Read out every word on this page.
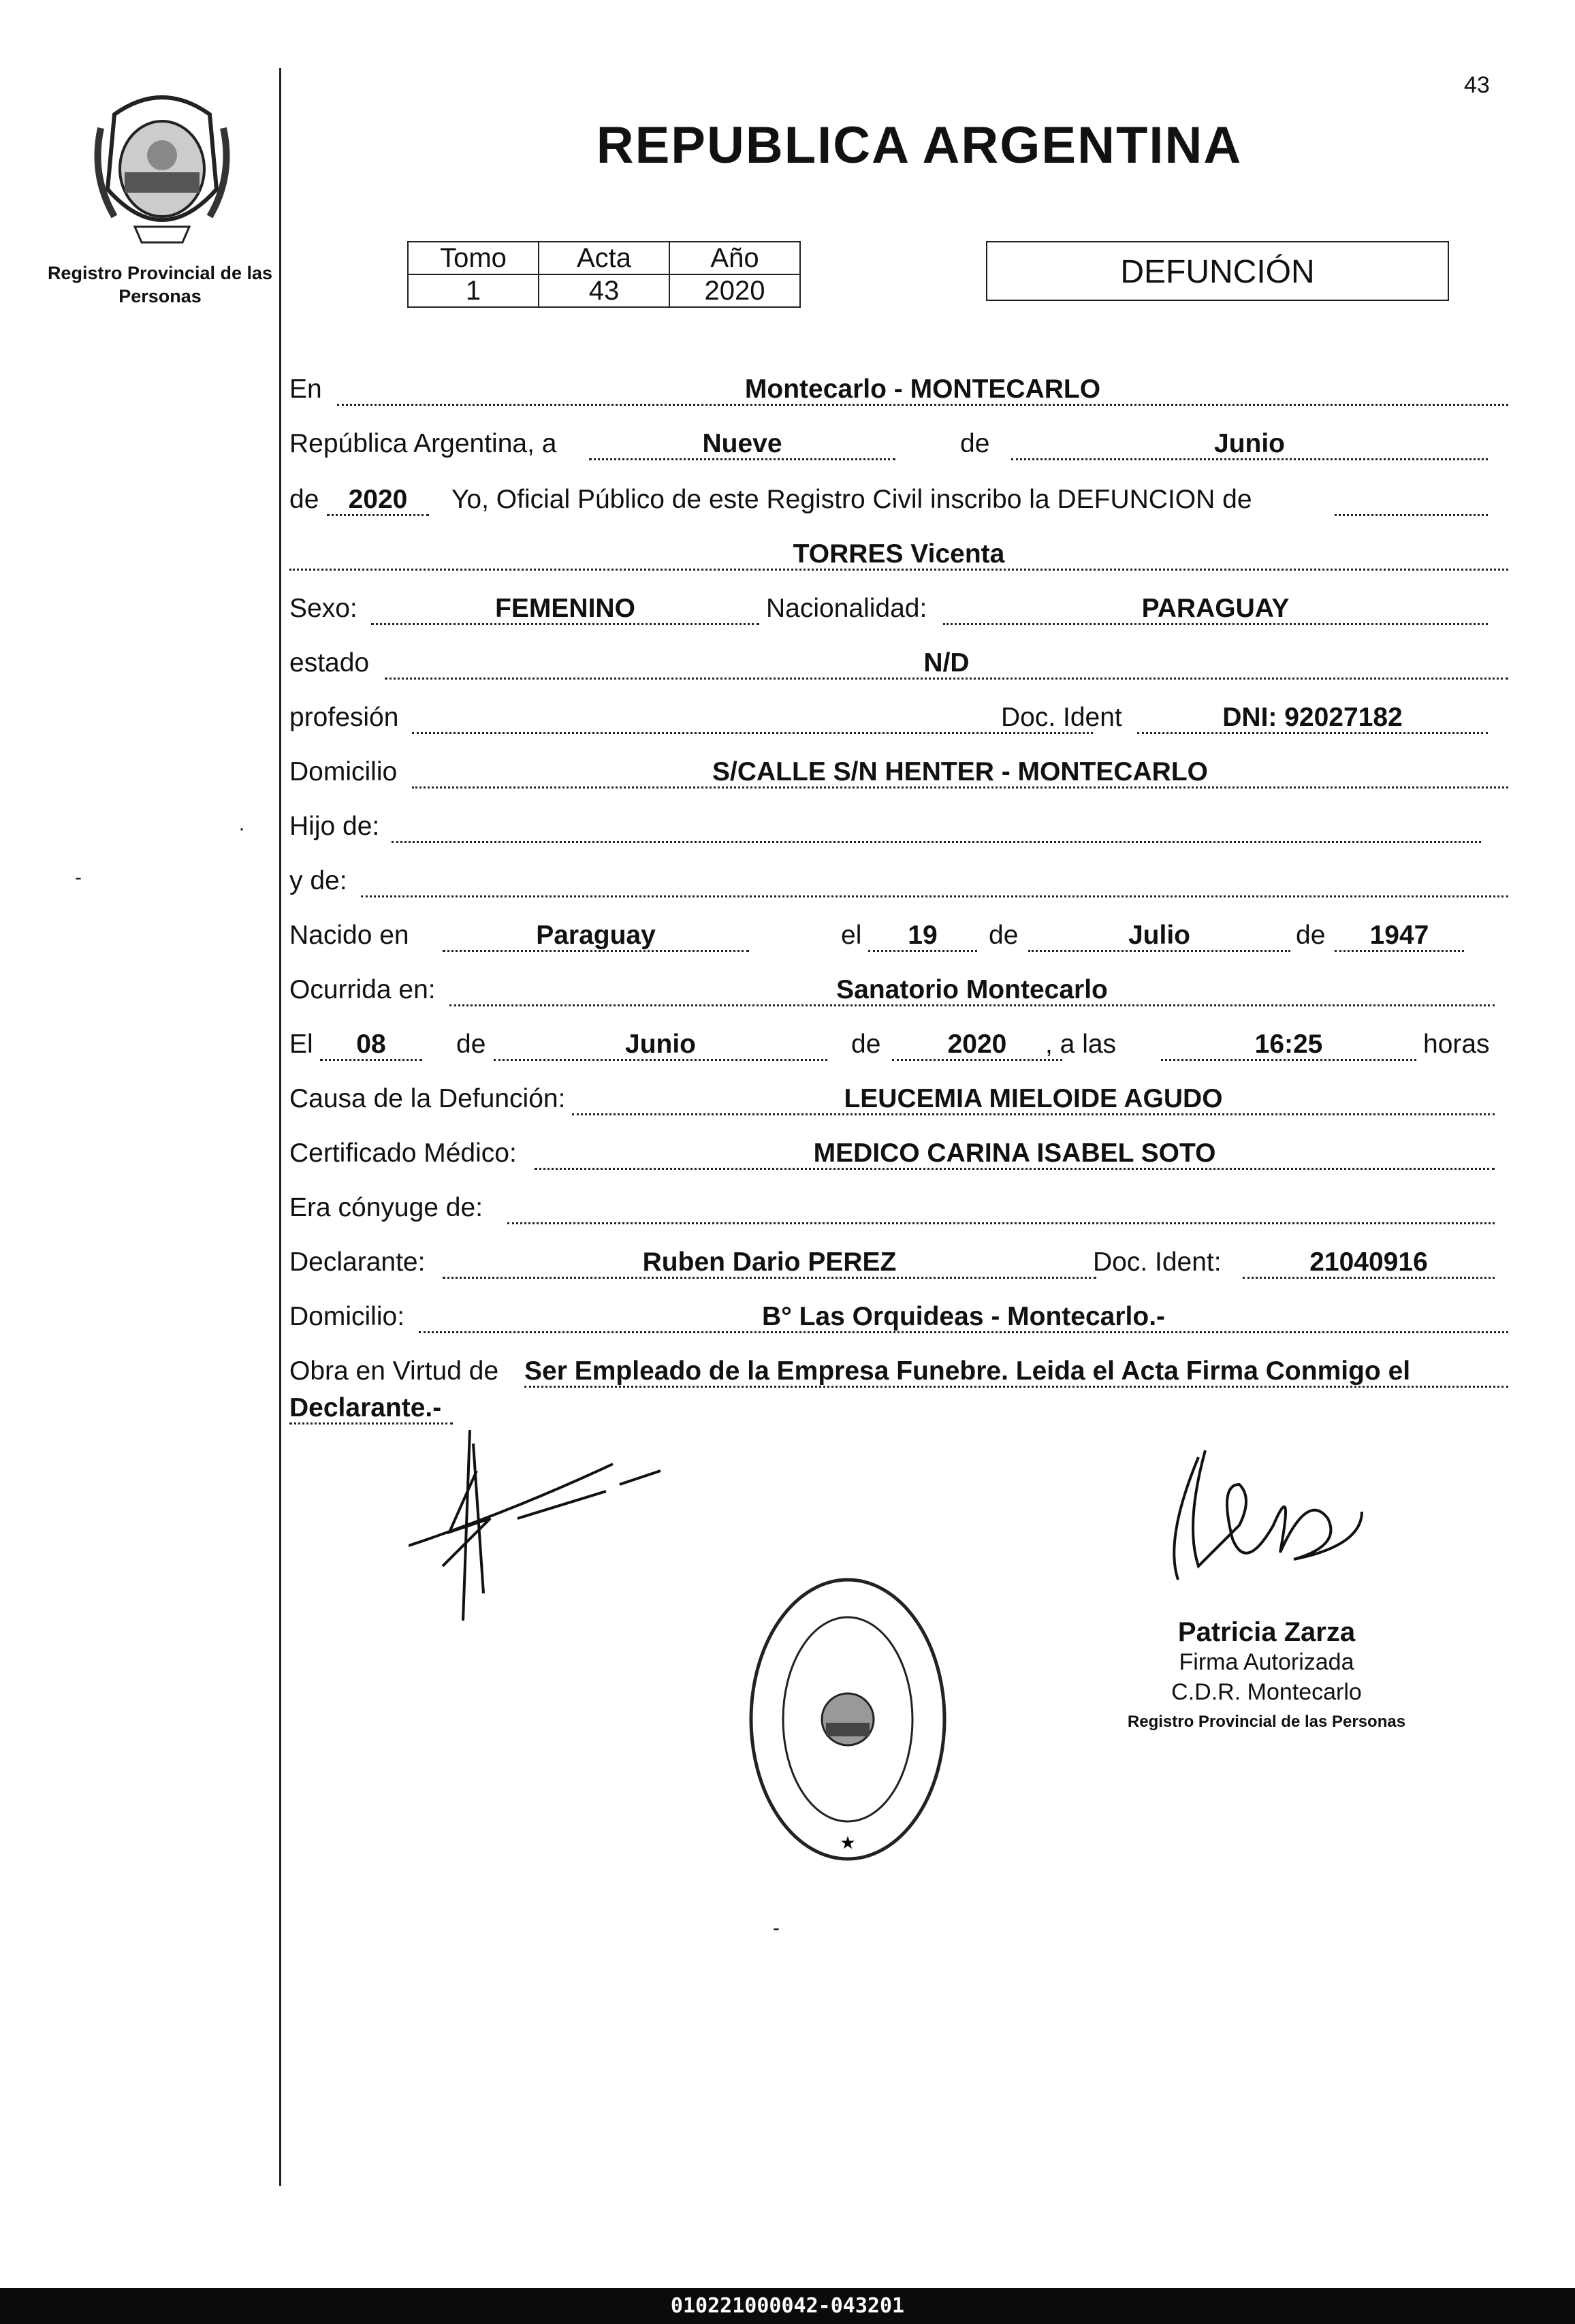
43
Registro Provincial de las Personas
REPUBLICA ARGENTINA
Tomo	Acta	Año
1	43	2020
DEFUNCIÓN
En	Montecarlo - MONTECARLO
República Argentina, a	Nueve	de	Junio
de	2020	Yo, Oficial Público de este Registro Civil inscribo la DEFUNCION de
TORRES Vicenta
Sexo:	FEMENINO	Nacionalidad:	PARAGUAY
estado	N/D
profesión	Doc. Ident	DNI: 92027182
Domicilio	S/CALLE S/N HENTER - MONTECARLO
Hijo de:
y de:
Nacido en	Paraguay	el	19	de	Julio	de	1947
Ocurrida en:	Sanatorio Montecarlo
El	08	de	Junio	de	2020	, a las	16:25	horas
Causa de la Defunción:	LEUCEMIA MIELOIDE AGUDO
Certificado Médico:	MEDICO CARINA ISABEL SOTO
Era cónyuge de:
Declarante:	Ruben Dario PEREZ	Doc. Ident:	21040916
Domicilio:	B° Las Orquideas - Montecarlo.-
Obra en Virtud de Ser Empleado de la Empresa Funebre. Leida el Acta Firma Conmigo el
Declarante.-
★
Patricia Zarza
Firma Autorizada
C.D.R. Montecarlo
Registro Provincial de las Personas
·
-
-
010221000042-043201
